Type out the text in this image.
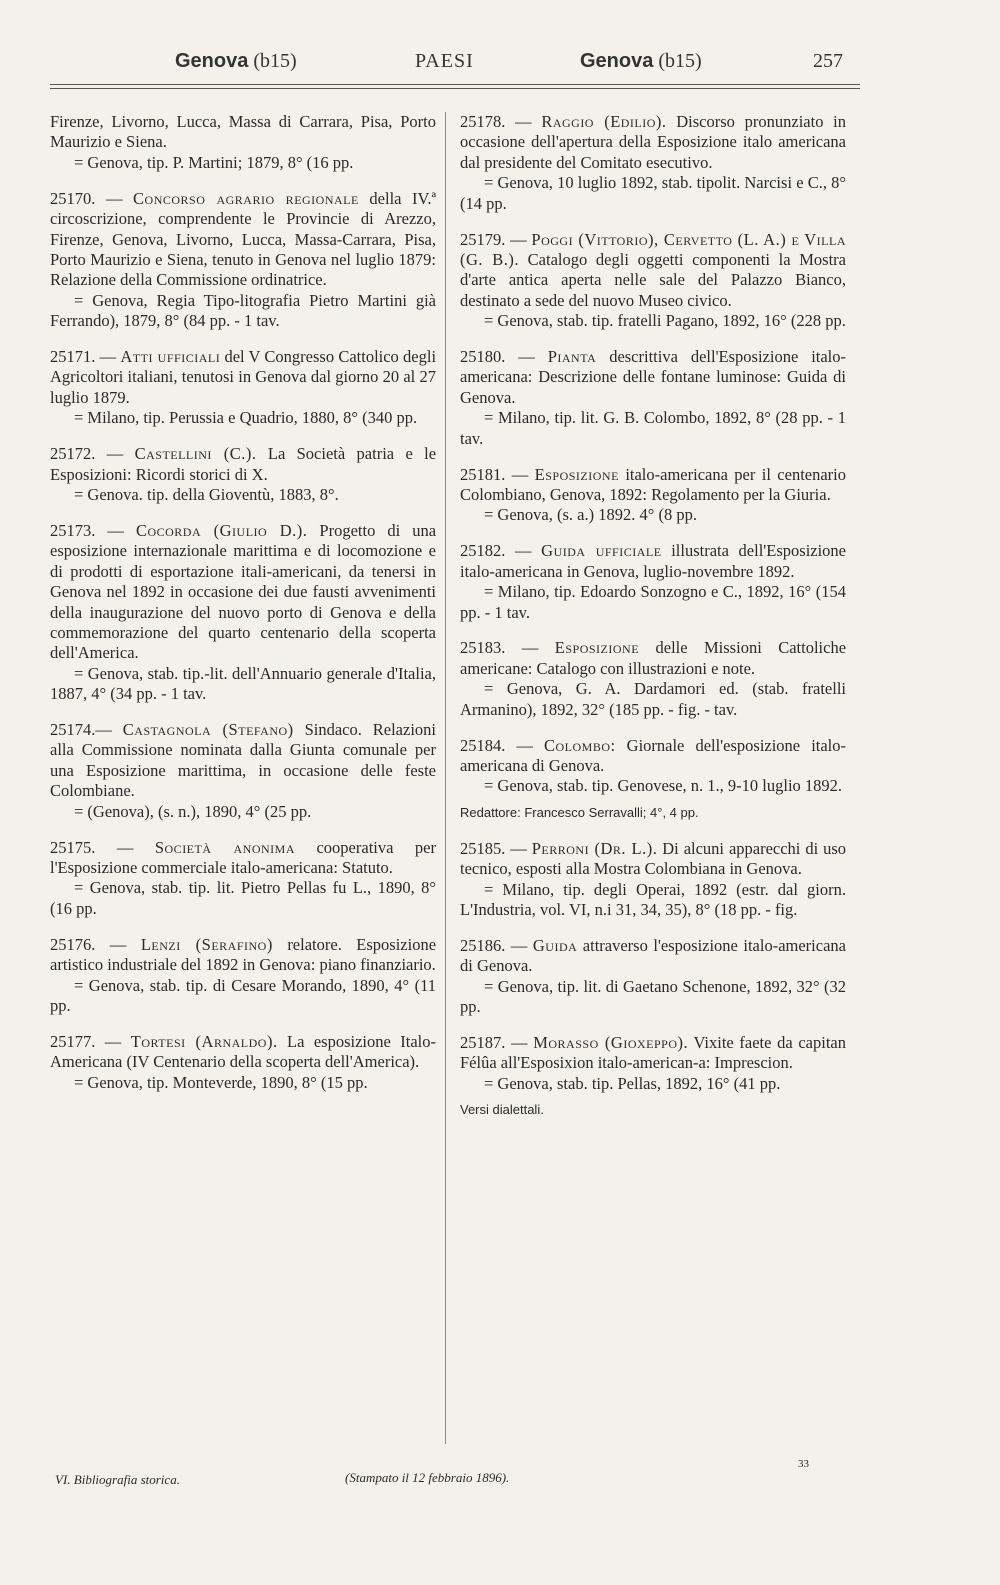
Genova (b15)	PAESI	Genova (b15)	257
Firenze, Livorno, Lucca, Massa di Carrara, Pisa, Porto Maurizio e Siena.
= Genova, tip. P. Martini; 1879, 8° (16 pp.
25170. — Concorso agrario regionale della IV.ª circoscrizione, comprendente le Provincie di Arezzo, Firenze, Genova, Livorno, Lucca, Massa-Carrara, Pisa, Porto Maurizio e Siena, tenuto in Genova nel luglio 1879: Relazione della Commissione ordinatrice.
= Genova, Regia Tipo-litografia Pietro Martini già Ferrando), 1879, 8° (84 pp. - 1 tav.
25171. — Atti ufficiali del V Congresso Cattolico degli Agricoltori italiani, tenutosi in Genova dal giorno 20 al 27 luglio 1879.
= Milano, tip. Perussia e Quadrio, 1880, 8° (340 pp.
25172. — Castellini (C.). La Società patria e le Esposizioni: Ricordi storici di X.
= Genova. tip. della Gioventù, 1883, 8°.
25173. — Cocorda (Giulio D.). Progetto di una esposizione internazionale marittima e di locomozione e di prodotti di esportazione itali-americani, da tenersi in Genova nel 1892 in occasione dei due fausti avvenimenti della inaugurazione del nuovo porto di Genova e della commemorazione del quarto centenario della scoperta dell'America.
= Genova, stab. tip.-lit. dell'Annuario generale d'Italia, 1887, 4° (34 pp. - 1 tav.
25174.— Castagnola (Stefano) Sindaco. Relazioni alla Commissione nominata dalla Giunta comunale per una Esposizione marittima, in occasione delle feste Colombiane.
= (Genova), (s. n.), 1890, 4° (25 pp.
25175. — Società anonima cooperativa per l'Esposizione commerciale italo-americana: Statuto.
= Genova, stab. tip. lit. Pietro Pellas fu L., 1890, 8° (16 pp.
25176. — Lenzi (Serafino) relatore. Esposizione artistico industriale del 1892 in Genova: piano finanziario.
= Genova, stab. tip. di Cesare Morando, 1890, 4° (11 pp.
25177. — Tortesi (Arnaldo). La esposizione Italo-Americana (IV Centenario della scoperta dell'America).
= Genova, tip. Monteverde, 1890, 8° (15 pp.
25178. — Raggio (Edilio). Discorso pronunziato in occasione dell'apertura della Esposizione italo americana dal presidente del Comitato esecutivo.
= Genova, 10 luglio 1892, stab. tipolit. Narcisi e C., 8° (14 pp.
25179. — Poggi (Vittorio), Cervetto (L. A.) e Villa (G. B.). Catalogo degli oggetti componenti la Mostra d'arte antica aperta nelle sale del Palazzo Bianco, destinato a sede del nuovo Museo civico.
= Genova, stab. tip. fratelli Pagano, 1892, 16° (228 pp.
25180. — Pianta descrittiva dell'Esposizione italo-americana: Descrizione delle fontane luminose: Guida di Genova.
= Milano, tip. lit. G. B. Colombo, 1892, 8° (28 pp. - 1 tav.
25181. — Esposizione italo-americana per il centenario Colombiano, Genova, 1892: Regolamento per la Giuria.
= Genova, (s. a.) 1892. 4° (8 pp.
25182. — Guida ufficiale illustrata dell'Esposizione italo-americana in Genova, luglio-novembre 1892.
= Milano, tip. Edoardo Sonzogno e C., 1892, 16° (154 pp. - 1 tav.
25183. — Esposizione delle Missioni Cattoliche americane: Catalogo con illustrazioni e note.
= Genova, G. A. Dardamori ed. (stab. fratelli Armanino), 1892, 32° (185 pp. - fig. - tav.
25184. — Colombo: Giornale dell'esposizione italo-americana di Genova.
= Genova, stab. tip. Genovese, n. 1., 9-10 luglio 1892.
Redattore: Francesco Serravalli; 4°, 4 pp.
25185. — Perroni (Dr. L.). Di alcuni apparecchi di uso tecnico, esposti alla Mostra Colombiana in Genova.
= Milano, tip. degli Operai, 1892 (estr. dal giorn. L'Industria, vol. VI, n.i 31, 34, 35), 8° (18 pp. - fig.
25186. — Guida attraverso l'esposizione italo-americana di Genova.
= Genova, tip. lit. di Gaetano Schenone, 1892, 32° (32 pp.
25187. — Morasso (Gioxeppo). Vixite faete da capitan Félûa all'Esposixion italo-american-a: Imprescion.
= Genova, stab. tip. Pellas, 1892, 16° (41 pp.
Versi dialettali.
VI. Bibliografia storica.	(Stampato il 12 febbraio 1896).
33
